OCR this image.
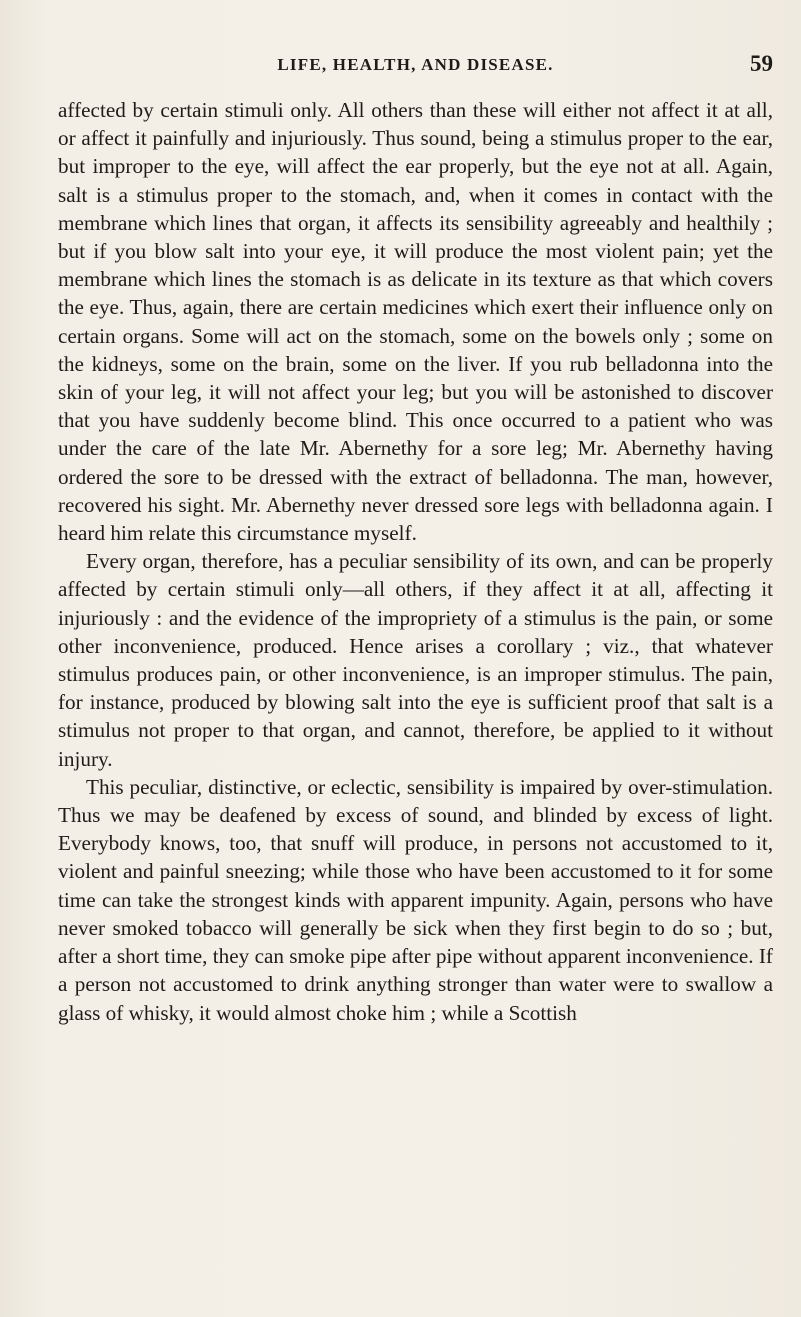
LIFE, HEALTH, AND DISEASE.	59

affected by certain stimuli only. All others than these will either not affect it at all, or affect it painfully and injuriously. Thus sound, being a stimulus proper to the ear, but improper to the eye, will affect the ear properly, but the eye not at all. Again, salt is a stimulus proper to the stomach, and, when it comes in contact with the membrane which lines that organ, it affects its sensibility agreeably and healthily ; but if you blow salt into your eye, it will produce the most violent pain; yet the membrane which lines the stomach is as delicate in its texture as that which covers the eye. Thus, again, there are certain medicines which exert their influence only on certain organs. Some will act on the stomach, some on the bowels only ; some on the kidneys, some on the brain, some on the liver. If you rub belladonna into the skin of your leg, it will not affect your leg; but you will be astonished to discover that you have suddenly become blind. This once occurred to a patient who was under the care of the late Mr. Abernethy for a sore leg; Mr. Abernethy having ordered the sore to be dressed with the extract of belladonna. The man, however, recovered his sight. Mr. Abernethy never dressed sore legs with belladonna again. I heard him relate this circumstance myself.

Every organ, therefore, has a peculiar sensibility of its own, and can be properly affected by certain stimuli only—all others, if they affect it at all, affecting it injuriously : and the evidence of the impropriety of a stimulus is the pain, or some other inconvenience, produced. Hence arises a corollary ; viz., that whatever stimulus produces pain, or other inconvenience, is an improper stimulus. The pain, for instance, produced by blowing salt into the eye is sufficient proof that salt is a stimulus not proper to that organ, and cannot, therefore, be applied to it without injury.

This peculiar, distinctive, or eclectic, sensibility is impaired by over-stimulation. Thus we may be deafened by excess of sound, and blinded by excess of light. Everybody knows, too, that snuff will produce, in persons not accustomed to it, violent and painful sneezing; while those who have been accustomed to it for some time can take the strongest kinds with apparent impunity. Again, persons who have never smoked tobacco will generally be sick when they first begin to do so ; but, after a short time, they can smoke pipe after pipe without apparent inconvenience. If a person not accustomed to drink anything stronger than water were to swallow a glass of whisky, it would almost choke him ; while a Scottish
